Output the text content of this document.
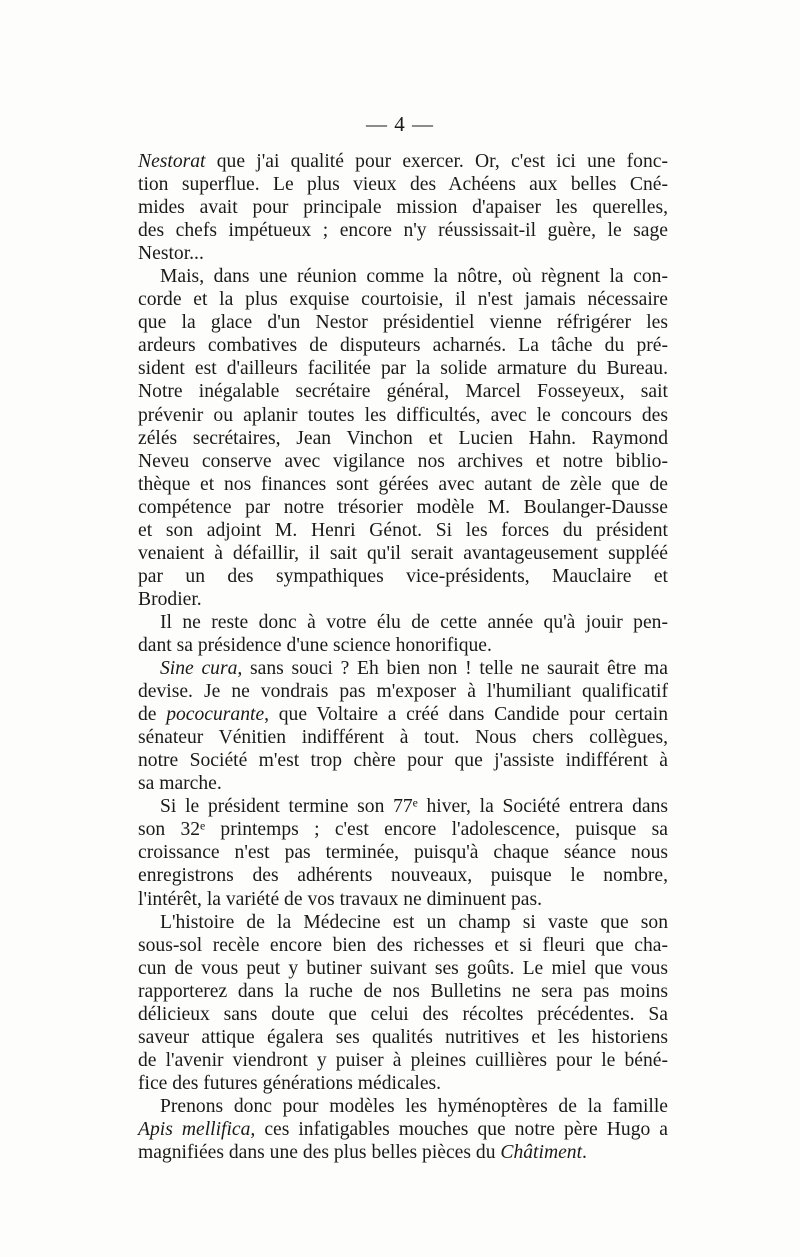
— 4 —
Nestorat que j'ai qualité pour exercer. Or, c'est ici une fonc-
tion superflue. Le plus vieux des Achéens aux belles Cné-
mides avait pour principale mission d'apaiser les querelles,
des chefs impétueux ; encore n'y réussissait-il guère, le sage
Nestor...
Mais, dans une réunion comme la nôtre, où règnent la con-
corde et la plus exquise courtoisie, il n'est jamais nécessaire
que la glace d'un Nestor présidentiel vienne réfrigérer les
ardeurs combatives de disputeurs acharnés. La tâche du pré-
sident est d'ailleurs facilitée par la solide armature du Bureau.
Notre inégalable secrétaire général, Marcel Fosseyeux, sait
prévenir ou aplanir toutes les difficultés, avec le concours des
zélés secrétaires, Jean Vinchon et Lucien Hahn. Raymond
Neveu conserve avec vigilance nos archives et notre biblio-
thèque et nos finances sont gérées avec autant de zèle que de
compétence par notre trésorier modèle M. Boulanger-Dausse
et son adjoint M. Henri Génot. Si les forces du président
venaient à défaillir, il sait qu'il serait avantageusement suppléé
par un des sympathiques vice-présidents, Mauclaire et
Brodier.
Il ne reste donc à votre élu de cette année qu'à jouir pen-
dant sa présidence d'une science honorifique.
Sine cura, sans souci ? Eh bien non ! telle ne saurait être ma
devise. Je ne vondrais pas m'exposer à l'humiliant qualificatif
de pococurante, que Voltaire a créé dans Candide pour certain
sénateur Vénitien indifférent à tout. Nous chers collègues,
notre Société m'est trop chère pour que j'assiste indifférent à
sa marche.
Si le président termine son 77ᵉ hiver, la Société entrera dans
son 32ᵉ printemps ; c'est encore l'adolescence, puisque sa
croissance n'est pas terminée, puisqu'à chaque séance nous
enregistrons des adhérents nouveaux, puisque le nombre,
l'intérêt, la variété de vos travaux ne diminuent pas.
L'histoire de la Médecine est un champ si vaste que son
sous-sol recèle encore bien des richesses et si fleuri que cha-
cun de vous peut y butiner suivant ses goûts. Le miel que vous
rapporterez dans la ruche de nos Bulletins ne sera pas moins
délicieux sans doute que celui des récoltes précédentes. Sa
saveur attique égalera ses qualités nutritives et les historiens
de l'avenir viendront y puiser à pleines cuillières pour le béné-
fice des futures générations médicales.
Prenons donc pour modèles les hyménoptères de la famille
Apis mellifica, ces infatigables mouches que notre père Hugo a
magnifiées dans une des plus belles pièces du Châtiment.
